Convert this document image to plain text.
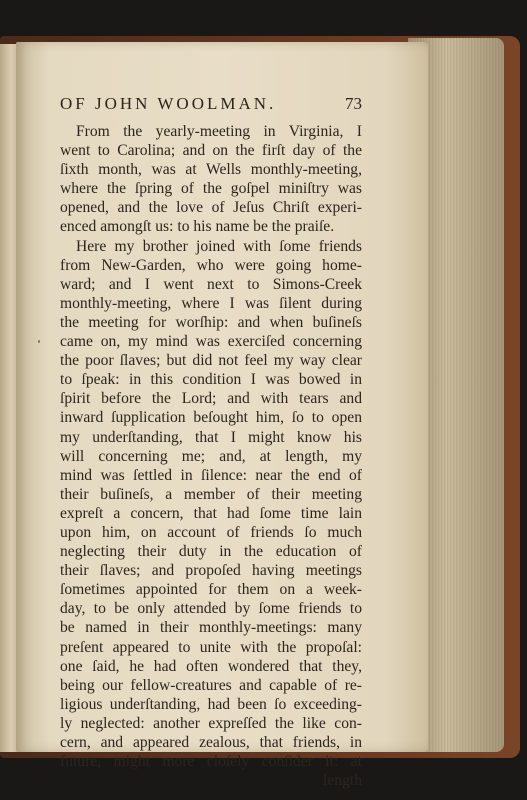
OF JOHN WOOLMAN.	73
From the yearly-meeting in Virginia, I
went to Carolina; and on the firſt day of the
ſixth month, was at Wells monthly-meeting,
where the ſpring of the goſpel miniſtry was
opened, and the love of Jeſus Chriſt experi-
enced amongſt us: to his name be the praiſe.
Here my brother joined with ſome friends
from New-Garden, who were going home-
ward; and I went next to Simons-Creek
monthly-meeting, where I was ſilent during
the meeting for worſhip: and when buſineſs
came on, my mind was exerciſed concerning
the poor ſlaves; but did not feel my way clear
to ſpeak: in this condition I was bowed in
ſpirit before the Lord; and with tears and
inward ſupplication beſought him, ſo to open
my underſtanding, that I might know his
will concerning me; and, at length, my
mind was ſettled in ſilence: near the end of
their buſineſs, a member of their meeting
expreſt a concern, that had ſome time lain
upon him, on account of friends ſo much
neglecting their duty in the education of
their ſlaves; and propoſed having meetings
ſometimes appointed for them on a week-
day, to be only attended by ſome friends to
be named in their monthly-meetings: many
preſent appeared to unite with the propoſal:
one ſaid, he had often wondered that they,
being our fellow-creatures and capable of re-
ligious underſtanding, had been ſo exceeding-
ly neglected: another expreſſed the like con-
cern, and appeared zealous, that friends, in
future, might more cloſely conſider it: at
length
